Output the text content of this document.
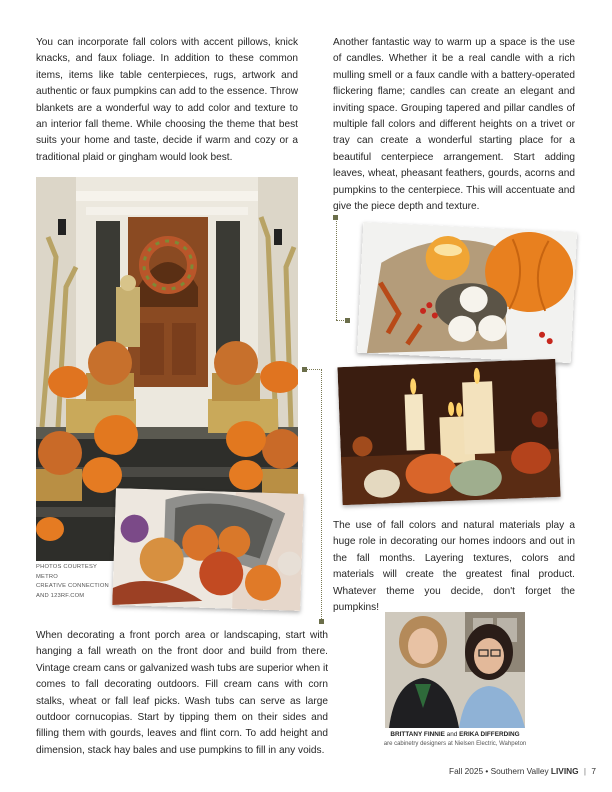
You can incorporate fall colors with accent pillows, knick knacks, and faux foliage. In addition to these common items, items like table centerpieces, rugs, artwork and authentic or faux pumpkins can add to the essence. Throw blankets are a wonderful way to add color and texture to an interior fall theme. While choosing the theme that best suits your home and taste, decide if warm and cozy or a traditional plaid or gingham would look best.

Another fantastic way to warm up a space is the use of candles. Whether it be a real candle with a rich mulling smell or a faux candle with a battery-operated flickering flame; candles can create an elegant and inviting space. Grouping tapered and pillar candles of multiple fall colors and different heights on a trivet or tray can create a wonderful starting place for a beautiful centerpiece arrangement. Start adding leaves, wheat, pheasant feathers, gourds, acorns and pumpkins to the centerpiece. This will accentuate and give the piece depth and texture.

The use of fall colors and natural materials play a huge role in decorating our homes indoors and out in the fall months. Layering textures, colors and materials will create the greatest final product. Whatever theme you decide, don't forget the pumpkins!

When decorating a front porch area or landscaping, start with hanging a fall wreath on the front door and build from there. Vintage cream cans or galvanized wash tubs are superior when it comes to fall decorating outdoors. Fill cream cans with corn stalks, wheat or fall leaf picks. Wash tubs can serve as large outdoor cornucopias. Start by tipping them on their sides and filling them with gourds, leaves and flint corn. To add height and dimension, stack hay bales and use pumpkins to fill in any voids.

PHOTOS COURTESY METRO
CREATIVE CONNECTION
AND 123RF.COM
BRITTANY FINNIE and ERIKA DIFFERDING
are cabinetry designers at Nielsen Electric, Wahpeton
Fall 2025 • Southern Valley LIVING | 7
